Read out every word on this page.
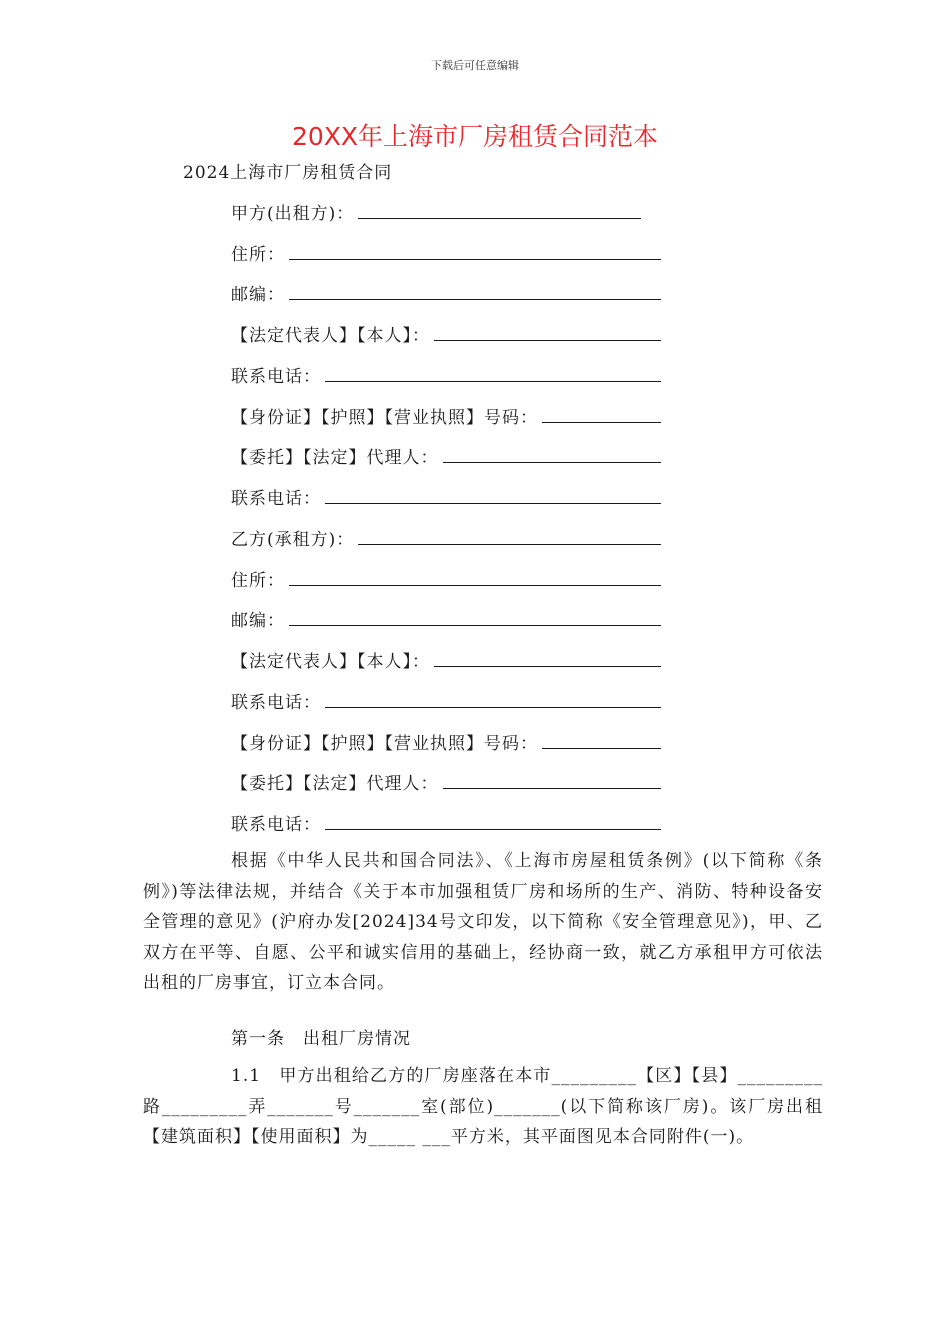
下载后可任意编辑
20XX年上海市厂房租赁合同范本
2024上海市厂房租赁合同
甲方(出租方)：
住所：
邮编：
【法定代表人】【本人】：
联系电话：
【身份证】【护照】【营业执照】号码：
【委托】【法定】代理人：
联系电话：
乙方(承租方)：
住所：
邮编：
【法定代表人】【本人】：
联系电话：
【身份证】【护照】【营业执照】号码：
【委托】【法定】代理人：
联系电话：

根据《中华人民共和国合同法》、《上海市房屋租赁条例》(以下简称《条例》)等法律法规，并结合《关于本市加强租赁厂房和场所的生产、消防、特种设备安全管理的意见》(沪府办发[2024]34号文印发，以下简称《安全管理意见》)，甲、乙双方在平等、自愿、公平和诚实信用的基础上，经协商一致，就乙方承租甲方可依法出租的厂房事宜，订立本合同。

第一条　出租厂房情况

1.1　甲方出租给乙方的厂房座落在本市_________【区】【县】_________路_________弄_______号_______室(部位)_______(以下简称该厂房)。该厂房出租【建筑面积】【使用面积】为_____ ___平方米，其平面图见本合同附件(一)。
